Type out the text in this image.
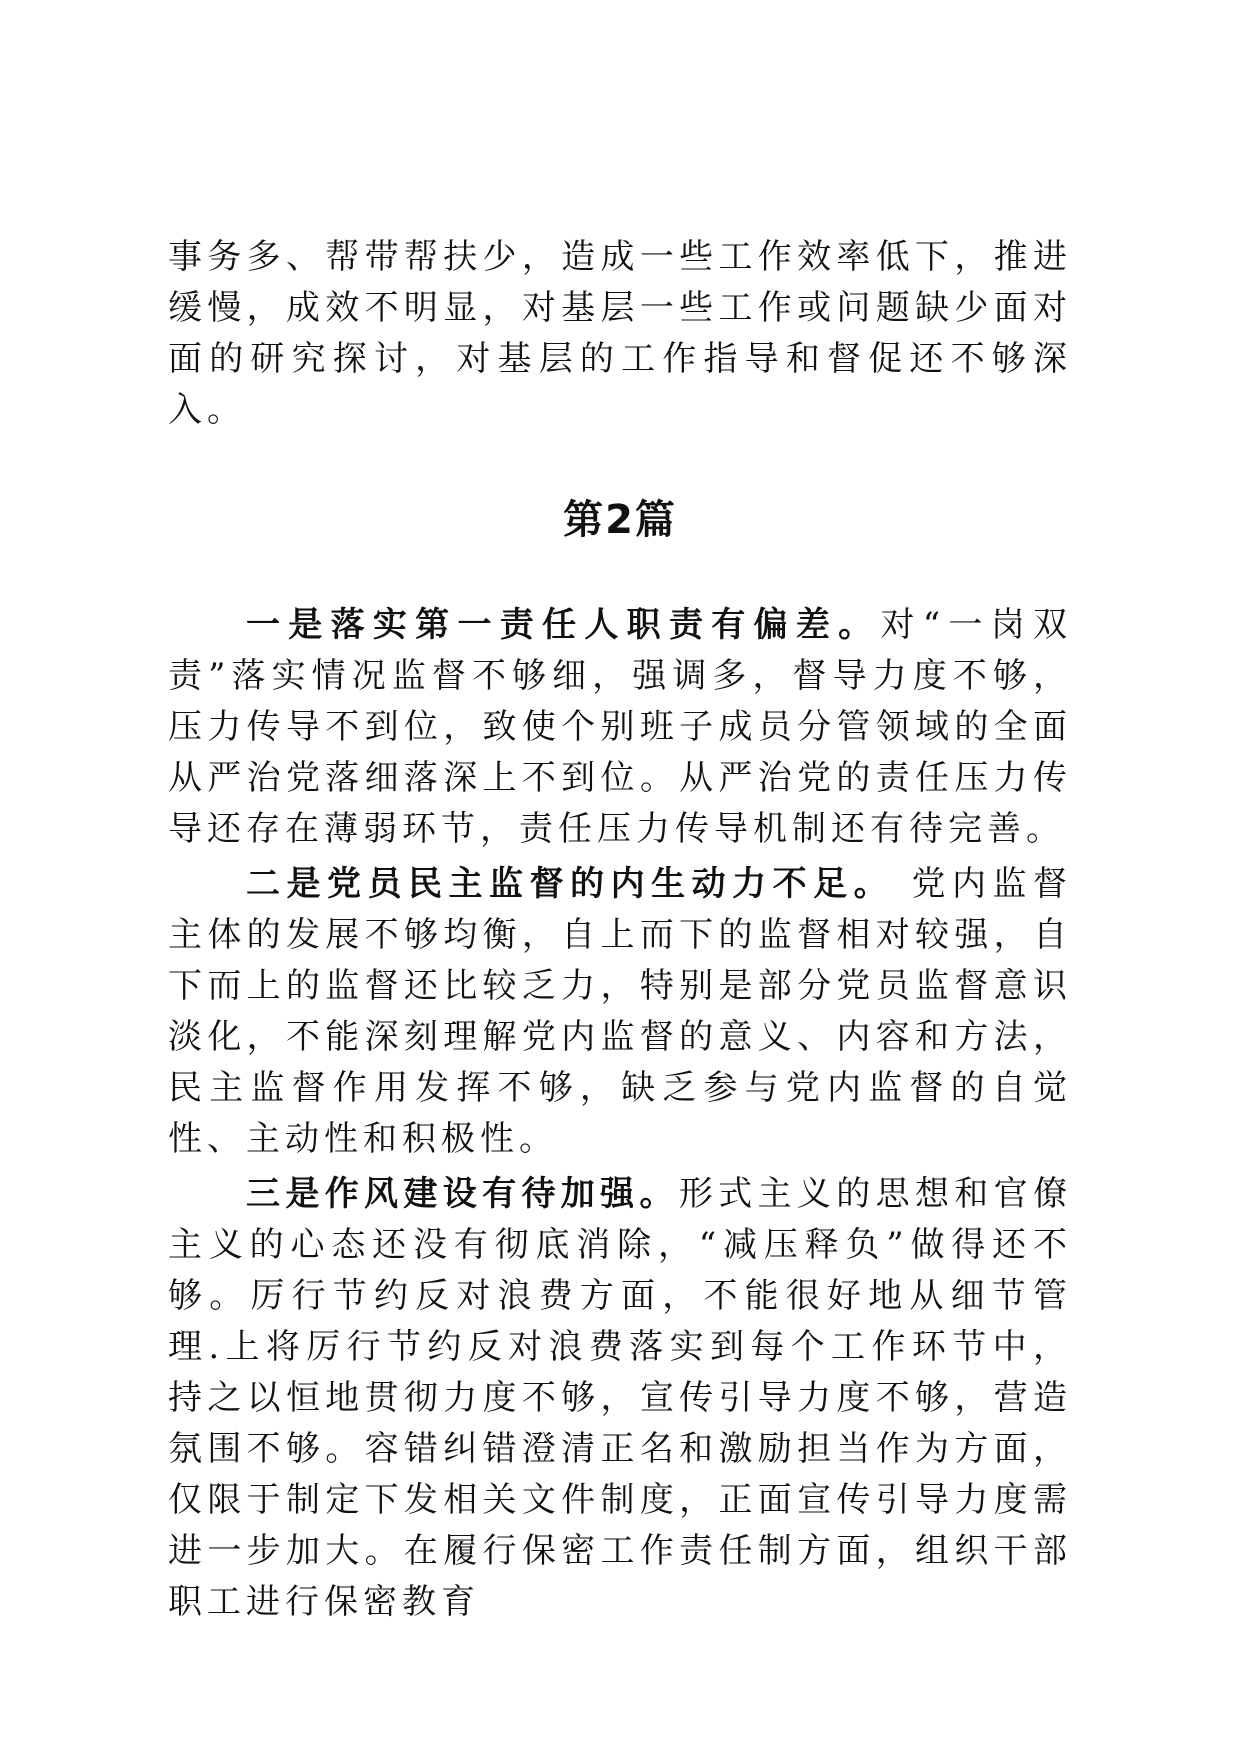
事务多、帮带帮扶少，造成一些工作效率低下，推进缓慢，成效不明显，对基层一些工作或问题缺少面对面的研究探讨，对基层的工作指导和督促还不够深入。

第2篇

一是落实第一责任人职责有偏差。对“一岗双责”落实情况监督不够细，强调多，督导力度不够，压力传导不到位，致使个别班子成员分管领域的全面从严治党落细落深上不到位。从严治党的责任压力传导还存在薄弱环节，责任压力传导机制还有待完善。

二是党员民主监督的内生动力不足。 党内监督主体的发展不够均衡，自上而下的监督相对较强，自下而上的监督还比较乏力，特别是部分党员监督意识淡化，不能深刻理解党内监督的意义、内容和方法，民主监督作用发挥不够，缺乏参与党内监督的自觉性、主动性和积极性。

三是作风建设有待加强。形式主义的思想和官僚主义的心态还没有彻底消除，“减压释负”做得还不够。厉行节约反对浪费方面，不能很好地从细节管理.上将厉行节约反对浪费落实到每个工作环节中，持之以恒地贯彻力度不够，宣传引导力度不够，营造氛围不够。容错纠错澄清正名和激励担当作为方面，仅限于制定下发相关文件制度，正面宣传引导力度需进一步加大。在履行保密工作责任制方面，组织干部职工进行保密教育
